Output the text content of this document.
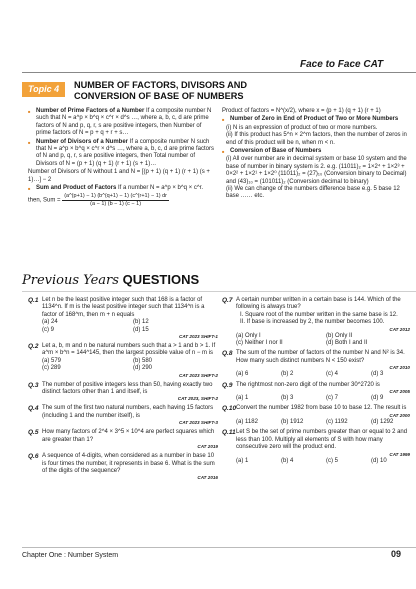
Face to Face CAT
Topic 4	NUMBER OF FACTORS, DIVISORS AND CONVERSION OF BASE OF NUMBERS
■ Number of Prime Factors of a Number If a composite number N such that N = a^p × b^q × c^r × d^s …, where a, b, c, d are prime factors of N and p, q, r, s are positive integers, then Number of prime factors of N = p + q + r + s…
■ Number of Divisors of a Number If a composite number N such that N = a^p × b^q × c^r × d^s …, where a, b, c, d are prime factors of N and p, q, r, s are positive integers, then Total number of Divisors of N = (p + 1) (q + 1) (r + 1) (s + 1)…
Number of Divisors of N without 1 and N = [(p + 1) (q + 1) (r + 1) (s + 1)…] − 2
■ Sum and Product of Factors If a number N = a^p × b^q × c^r.
then, Sum = $\frac{(a\^{}(p+1) - 1) (b\^{}(q+1) - 1) (c\^{}(r+1) - 1) dr}{(a - 1) (b - 1) (c - 1)}$
Product of factors = N^(x/2), where x = (p + 1) (q + 1) (r + 1)
■ Number of Zero in End of Product of Two or More Numbers
(i) N is an expression of product of two or more numbers.
(ii) If this product has 5^n × 2^m factors, then the number of zeros in end of this product will be n, when m < n.
■ Conversion of Base of Numbers
(i) All over number are in decimal system or base 10 system and the base of number in binary system is 2. e.g. (11011)₂ = 1×2⁴ + 1×2³ + 0×2² + 1×2¹ + 1×2⁰ (11011)₂ = (27)₁₀ (Conversion binary to Decimal) and (43)₁₀ = (101011)₂ (Conversion decimal to binary)
(ii) We can change of the numbers difference base e.g. 5 base 12 base …… etc.
Previous Years QUESTIONS
Q.1 Let n be the least positive integer such that 168 is a factor of 1134^n. If m is the least positive integer such that 1134^n is a factor of 168^m, then m + n equals
(a) 24	(b) 12
(c) 9	(d) 15
CAT 2023 SHIFT-1
Q.2 Let a, b, m and n be natural numbers such that a > 1 and b > 1. If a^m × b^n = 144^145, then the largest possible value of n − m is
(a) 579	(b) 580
(c) 289	(d) 290
CAT 2023 SHIFT-2
Q.3 The number of positive integers less than 50, having exactly two distinct factors other than 1 and itself, is
CAT 2023, SHIFT-2
Q.4 The sum of the first two natural numbers, each having 15 factors (including 1 and the number itself), is
CAT 2023 SHIFT-3
Q.5 How many factors of 2^4 × 3^5 × 10^4 are perfect squares which are greater than 1?
CAT 2019
Q.6 A sequence of 4-digits, when considered as a number in base 10 is four times the number, it represents in base 6. What is the sum of the digits of the sequence?
CAT 2016
Q.7 A certain number written in a certain base is 144. Which of the following is always true?
I. Square root of the number written in the same base is 12.
II. If base is increased by 2, the number becomes 100.
CAT 2012
(a) Only I	(b) Only II
(c) Neither I nor II	(d) Both I and II
Q.8 The sum of the number of factors of the number N and N² is 34. How many such distinct numbers N < 150 exist?
CAT 2010
(a) 6	(b) 2	(c) 4	(d) 3
Q.9 The rightmost non-zero digit of the number 30^2720 is
CAT 2005
(a) 1	(b) 3	(c) 7	(d) 9
Q.10 Convert the number 1982 from base 10 to base 12. The result is
CAT 2000
(a) 1182	(b) 1912	(c) 1192	(d) 1292
Q.11 Let S be the set of prime numbers greater than or equal to 2 and less than 100. Multiply all elements of S with how many consecutive zero will the product end.
CAT 1999
(a) 1	(b) 4	(c) 5	(d) 10
Chapter One : Number System	09
